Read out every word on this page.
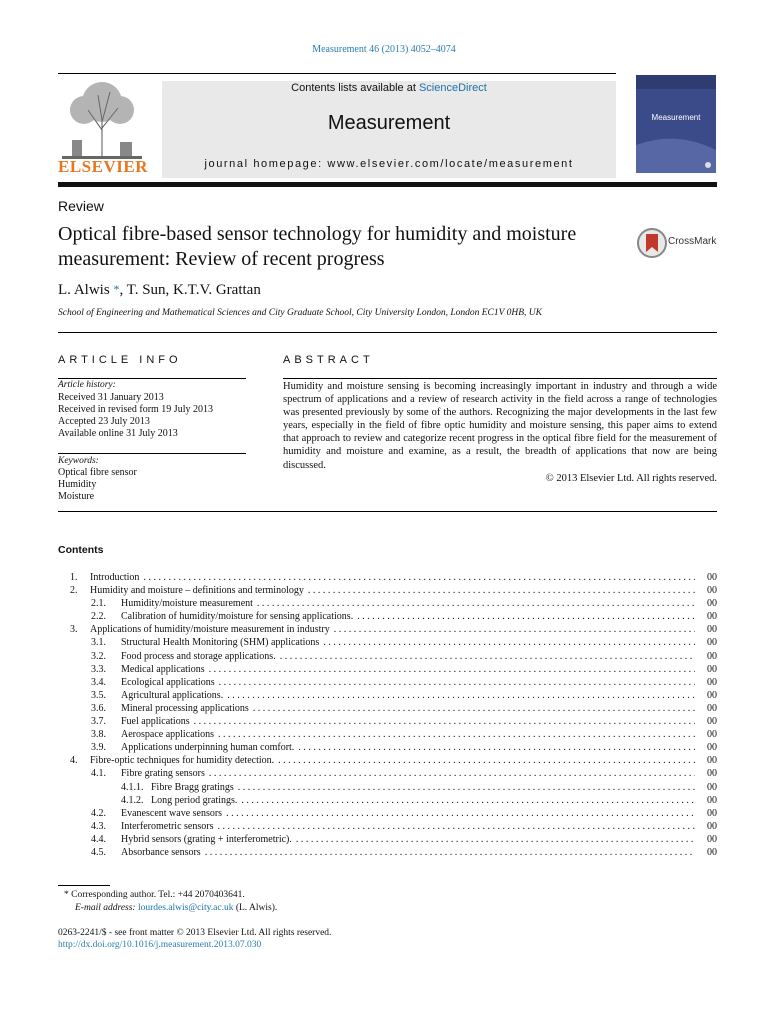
Measurement 46 (2013) 4052–4074
ELSEVIER
Contents lists available at ScienceDirect
Measurement
journal homepage: www.elsevier.com/locate/measurement
Measurement
Review
Optical fibre-based sensor technology for humidity and moisture measurement: Review of recent progress
CrossMark
L. Alwis *, T. Sun, K.T.V. Grattan
School of Engineering and Mathematical Sciences and City Graduate School, City University London, London EC1V 0HB, UK
ARTICLE INFO	ABSTRACT
Article history:
Received 31 January 2013
Received in revised form 19 July 2013
Accepted 23 July 2013
Available online 31 July 2013
Keywords:
Optical fibre sensor
Humidity
Moisture
Humidity and moisture sensing is becoming increasingly important in industry and through a wide spectrum of applications and a review of research activity in the field across a range of technologies was presented previously by some of the authors. Recognizing the major developments in the last few years, especially in the field of fibre optic humidity and moisture sensing, this paper aims to extend that approach to review and categorize recent progress in the optical fibre field for the measurement of humidity and moisture and examine, as a result, the breadth of applications that now are being discussed.
© 2013 Elsevier Ltd. All rights reserved.
Contents
1.	Introduction . . .	00
2.	Humidity and moisture – definitions and terminology . . .	00
2.1.	Humidity/moisture measurement . . .	00
2.2.	Calibration of humidity/moisture for sensing applications. . . .	00
3.	Applications of humidity/moisture measurement in industry . . .	00
3.1.	Structural Health Monitoring (SHM) applications . . .	00
3.2.	Food process and storage applications. . . .	00
3.3.	Medical applications . . .	00
3.4.	Ecological applications . . .	00
3.5.	Agricultural applications. . . .	00
3.6.	Mineral processing applications . . .	00
3.7.	Fuel applications . . .	00
3.8.	Aerospace applications . . .	00
3.9.	Applications underpinning human comfort. . . .	00
4.	Fibre-optic techniques for humidity detection. . . .	00
4.1.	Fibre grating sensors . . .	00
4.1.1. Fibre Bragg gratings . . .	00
4.1.2. Long period gratings. . . .	00
4.2.	Evanescent wave sensors . . .	00
4.3.	Interferometric sensors . . .	00
4.4.	Hybrid sensors (grating + interferometric). . . .	00
4.5.	Absorbance sensors . . .	00
* Corresponding author. Tel.: +44 2070403641.
E-mail address: lourdes.alwis@city.ac.uk (L. Alwis).
0263-2241/$ - see front matter © 2013 Elsevier Ltd. All rights reserved.
http://dx.doi.org/10.1016/j.measurement.2013.07.030
